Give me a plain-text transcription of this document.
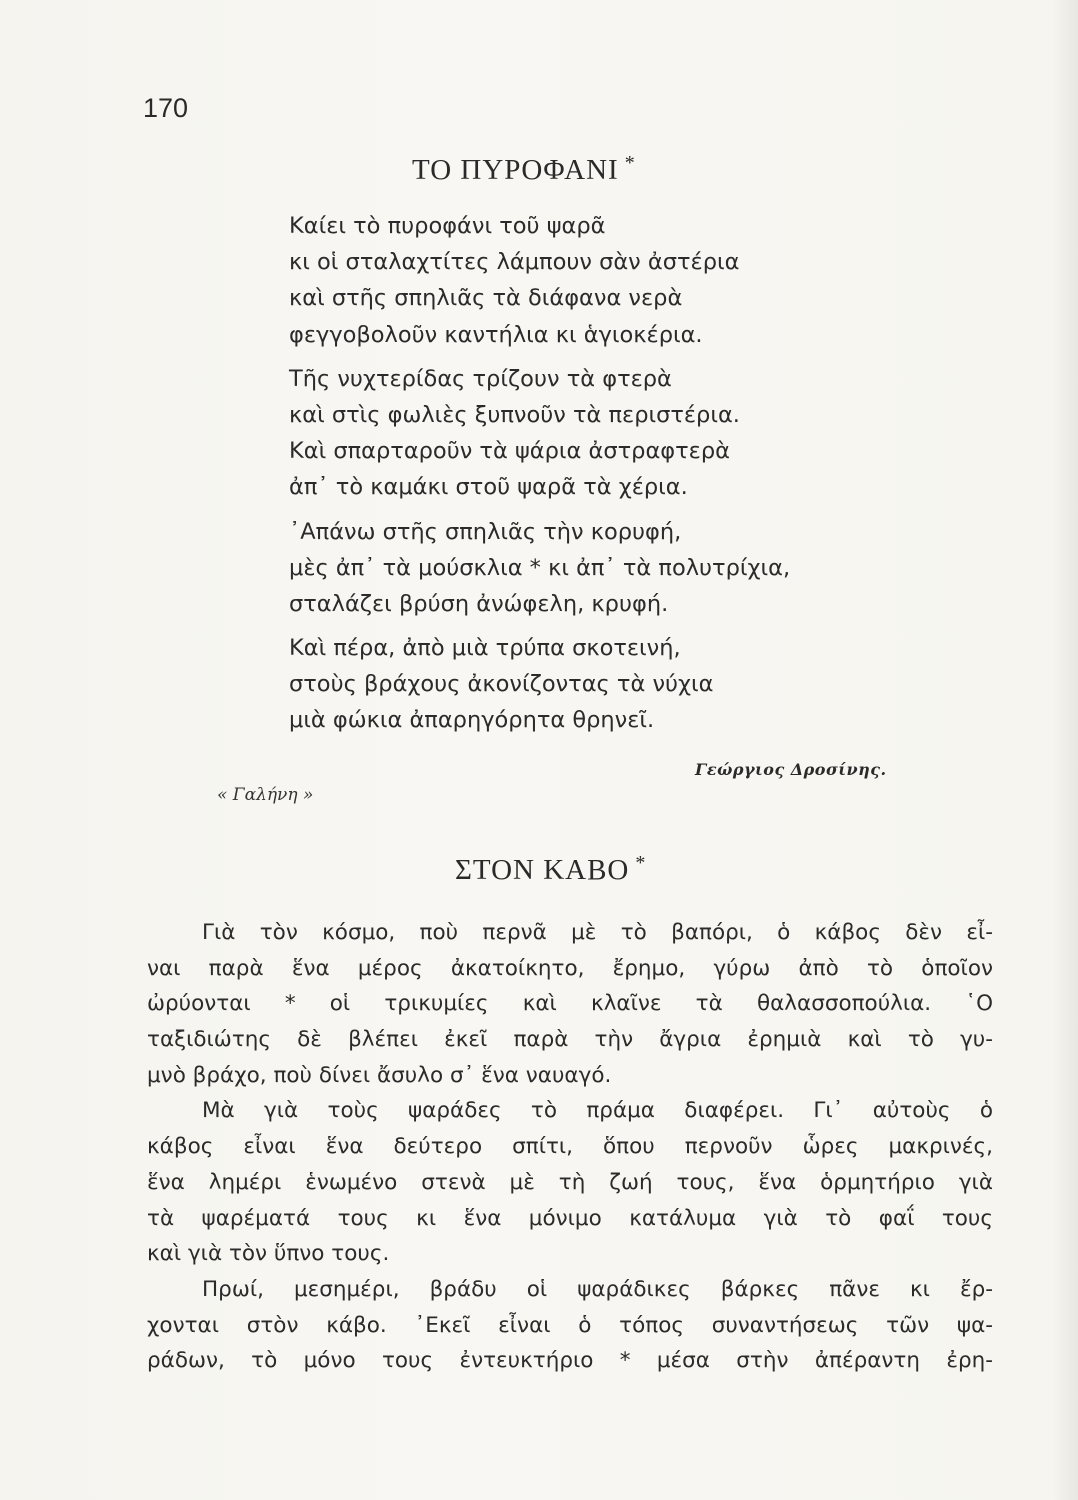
170
ΤΟ ΠΥΡΟΦΑΝΙ *
Καίει τὸ πυροφάνι τοῦ ψαρᾶ
κι οἱ σταλαχτίτες λάμπουν σὰν ἀστέρια
καὶ στῆς σπηλιᾶς τὰ διάφανα νερὰ
φεγγοβολοῦν καντήλια κι ἁγιοκέρια.
Τῆς νυχτερίδας τρίζουν τὰ φτερὰ
καὶ στὶς φωλιὲς ξυπνοῦν τὰ περιστέρια.
Καὶ σπαρταροῦν τὰ ψάρια ἀστραφτερὰ
ἀπ᾽ τὸ καμάκι στοῦ ψαρᾶ τὰ χέρια.
᾿Απάνω στῆς σπηλιᾶς τὴν κορυφή,
μὲς ἀπ᾽ τὰ μούσκλια * κι ἀπ᾽ τὰ πολυτρίχια,
σταλάζει βρύση ἀνώφελη, κρυφή.
Καὶ πέρα, ἀπὸ μιὰ τρύπα σκοτεινή,
στοὺς βράχους ἀκονίζοντας τὰ νύχια
μιὰ φώκια ἀπαρηγόρητα θρηνεῖ.
Γεώργιος Δροσίνης.
« Γαλήνη »
ΣΤΟΝ ΚΑΒΟ *
Γιὰ τὸν κόσμο, ποὺ περνᾶ μὲ τὸ βαπόρι, ὁ κάβος δὲν εἶ-
ναι παρὰ ἕνα μέρος ἀκατοίκητο, ἔρημο, γύρω ἀπὸ τὸ ὁποῖον
ὠρύονται * οἱ τρικυμίες καὶ κλαῖνε τὰ θαλασσοπούλια. ῾Ο
ταξιδιώτης δὲ βλέπει ἐκεῖ παρὰ τὴν ἄγρια ἐρημιὰ καὶ τὸ γυ-
μνὸ βράχο, ποὺ δίνει ἄσυλο σ᾽ ἕνα ναυαγό.
Μὰ γιὰ τοὺς ψαράδες τὸ πράμα διαφέρει. Γι᾽ αὐτοὺς ὁ
κάβος εἶναι ἕνα δεύτερο σπίτι, ὅπου περνοῦν ὧρες μακρινές,
ἕνα λημέρι ἑνωμένο στενὰ μὲ τὴ ζωή τους, ἕνα ὁρμητήριο γιὰ
τὰ ψαρέματά τους κι ἕνα μόνιμο κατάλυμα γιὰ τὸ φαΐ τους
καὶ γιὰ τὸν ὕπνο τους.
Πρωί, μεσημέρι, βράδυ οἱ ψαράδικες βάρκες πᾶνε κι ἔρ-
χονται στὸν κάβο. ᾿Εκεῖ εἶναι ὁ τόπος συναντήσεως τῶν ψα-
ράδων, τὸ μόνο τους ἐντευκτήριο * μέσα στὴν ἀπέραντη ἐρη-
